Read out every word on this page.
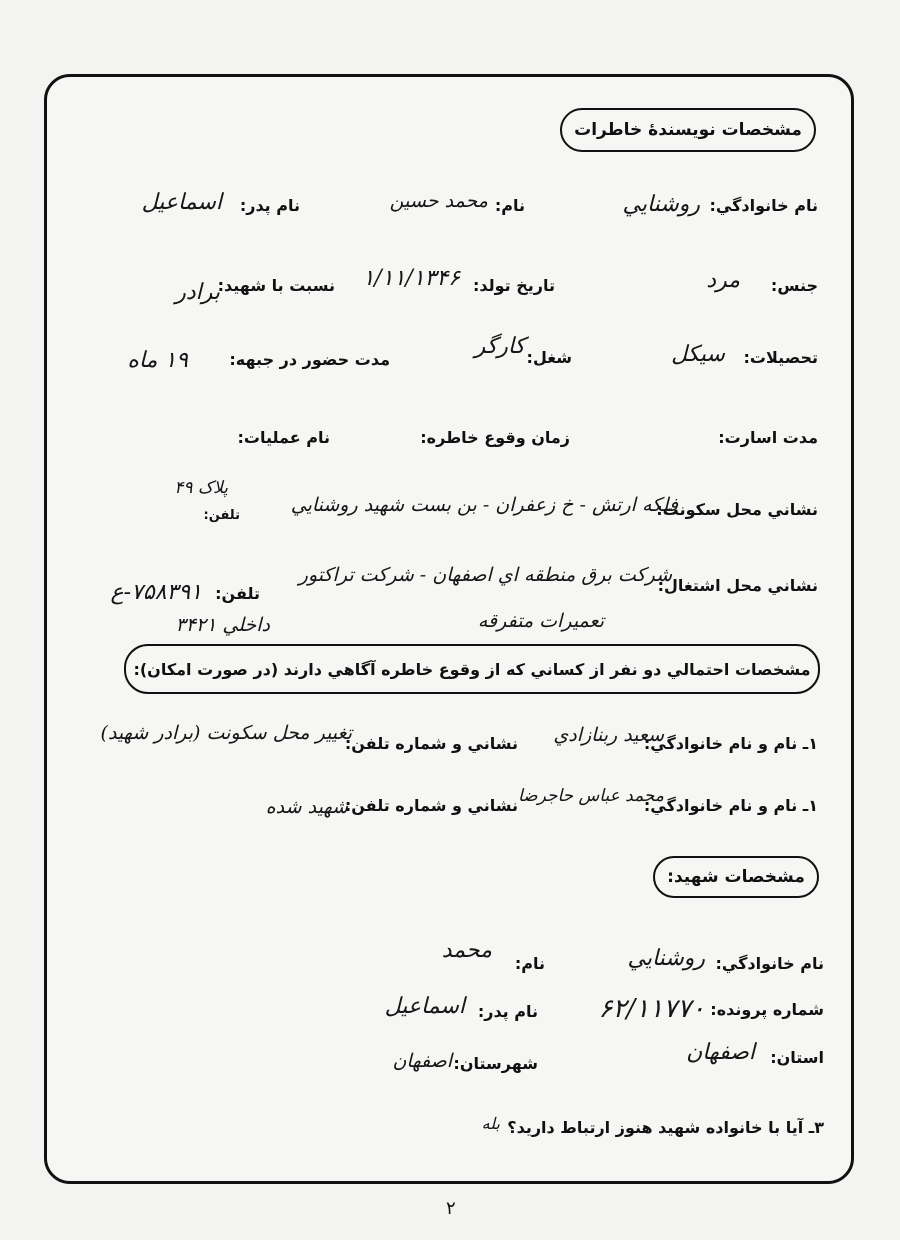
مشخصات نويسندۀ خاطرات
نام خانوادگي:
روشنايي
نام:
محمد حسين
نام پدر:
اسماعيل
جنس:
مرد
تاريخ تولد:
۱/۱۱/۱۳۴۶
نسبت با شهيد:
برادر
تحصيلات:
سيكل
شغل:
كارگر
مدت حضور در جبهه:
۱۹ ماه
مدت اسارت:
زمان وقوع خاطره:
نام عمليات:
نشاني محل سكونت:
فلكه ارتش - خ زعفران - بن بست شهيد روشنايي
تلفن:
پلاک ۴۹
نشاني محل اشتغال:
شركت برق منطقه اي اصفهان - شركت تراكتور
تعميرات متفرقه
تلفن:
۷۵۸۳۹۱-ع
داخلي ۳۴۲۱
مشخصات احتمالي دو نفر از كساني كه از وقوع خاطره آگاهي دارند (در صورت امكان):
۱ـ نام و نام خانوادگي:
سعيد ربنازادي
نشاني و شماره تلفن:
تغيير محل سكونت (برادر شهيد)
۱ـ نام و نام خانوادگي:
محمد عباس حاجرضا
نشاني و شماره تلفن:
شهيد شده
مشخصات شهيد:
نام خانوادگي:
روشنايي
نام:
محمد
شماره پرونده:
۶۲/۱۱۷۷۰
نام پدر:
اسماعيل
استان:
اصفهان
شهرستان:
اصفهان
۳ـ آيا با خانواده شهيد هنوز ارتباط داريد؟
بله
۲
